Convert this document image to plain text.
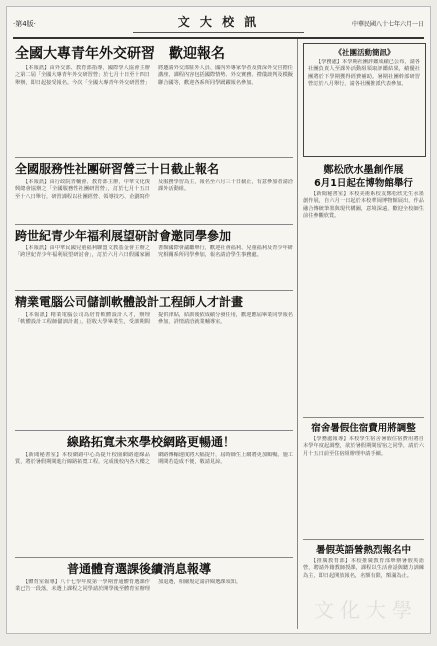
‧第4版‧	文 大 校 訊	中華民國八十七年六月一日
全國大專青年外交研習　歡迎報名

【本報訊】由外交部、教育部指導，國際學人協會主辦之第二屆「全國大專青年外交研習營」於七月十日至十四日舉辦，即日起接受報名。今次「全國大專青年外交研習營」將邀請外交部駐外人員、國內外專家學者及資深外交官擔任講座，課程內容包括國際情勢、外交實務、禮儀談判及模擬聯合國等，歡迎各系所同學踴躍報名參加。

全國服務性社團研習營三十日截止報名

【本報訊】由行政院青輔會、教育部主辦，中華文化復興總會協辦之「全國服務性社團研習營」，訂於七月十五日至十八日舉行，研習課程以社團經營、領導技巧、企劃寫作及服務學習為主，報名至六月三十日截止，有意參加者請洽課外活動組。

跨世紀青少年福利展望研討會邀同學參加

【本報訊】由中華民國兒童福利聯盟文教基金會主辦之「跨世紀青少年福利展望研討會」，訂於六月六日假國家圖書館國際會議廳舉行，歡迎社會福利、兒童福利及青少年研究相關系所同學參加，報名請洽學生事務處。

精業電腦公司儲訓軟體設計工程師人才計畫

【本報訊】精業電腦公司為培育軟體設計人才，辦理「軟體設計工程師儲訓計畫」，招收大學畢業生，受訓期間提供津貼，結訓後依成績分發任用，歡迎應屆畢業同學報名參加，詳情請洽就業輔導室。

線路拓寬未來學校網路更暢通！

【新聞秘書室】本校網路中心為提升校園網路連線品質，將於暑假期間進行線路拓寬工程，完成後校內各大樓之網路傳輸速度將大幅提升，屆時師生上網將更加順暢。施工期間若造成不便，敬請見諒。

普通體育選課後續消息報導

【體育室報導】八十七學年度第一學期普通體育選課作業已告一段落，未選上課程之同學請於開學後至體育室辦理加退選，相關規定請詳閱選課須知。

《社團活動簡訊》

【學務處】本學期社團評鑑成績已公布，請各社團負責人至課外活動組領取評鑑結果，績優社團將於下學期獲得經費補助。暑期社團幹部研習營訂於八月舉行，請各社團推派代表參加。

鄭松欣水墨創作展
6月1日起在博物館舉行

【新聞秘書室】本校美術系校友鄭松欣先生水墨創作展，自六月一日起於本校華岡博物館展出，作品融合傳統筆墨與現代構圖，意境深遠，歡迎全校師生前往參觀欣賞。

宿舍暑假住宿費用將調整

【學務處報導】本校學生宿舍暑假住宿費用將自本學年度起調整，欲於暑假期間留宿之同學，請於六月十五日前至住宿組辦理申請手續。

暑假英語營熱烈報名中

【推廣教育部】本校推廣教育部舉辦暑假英語營，聘請外籍教師授課，課程以生活會話與聽力訓練為主，即日起開放報名，名額有限，額滿為止。

文化大學
